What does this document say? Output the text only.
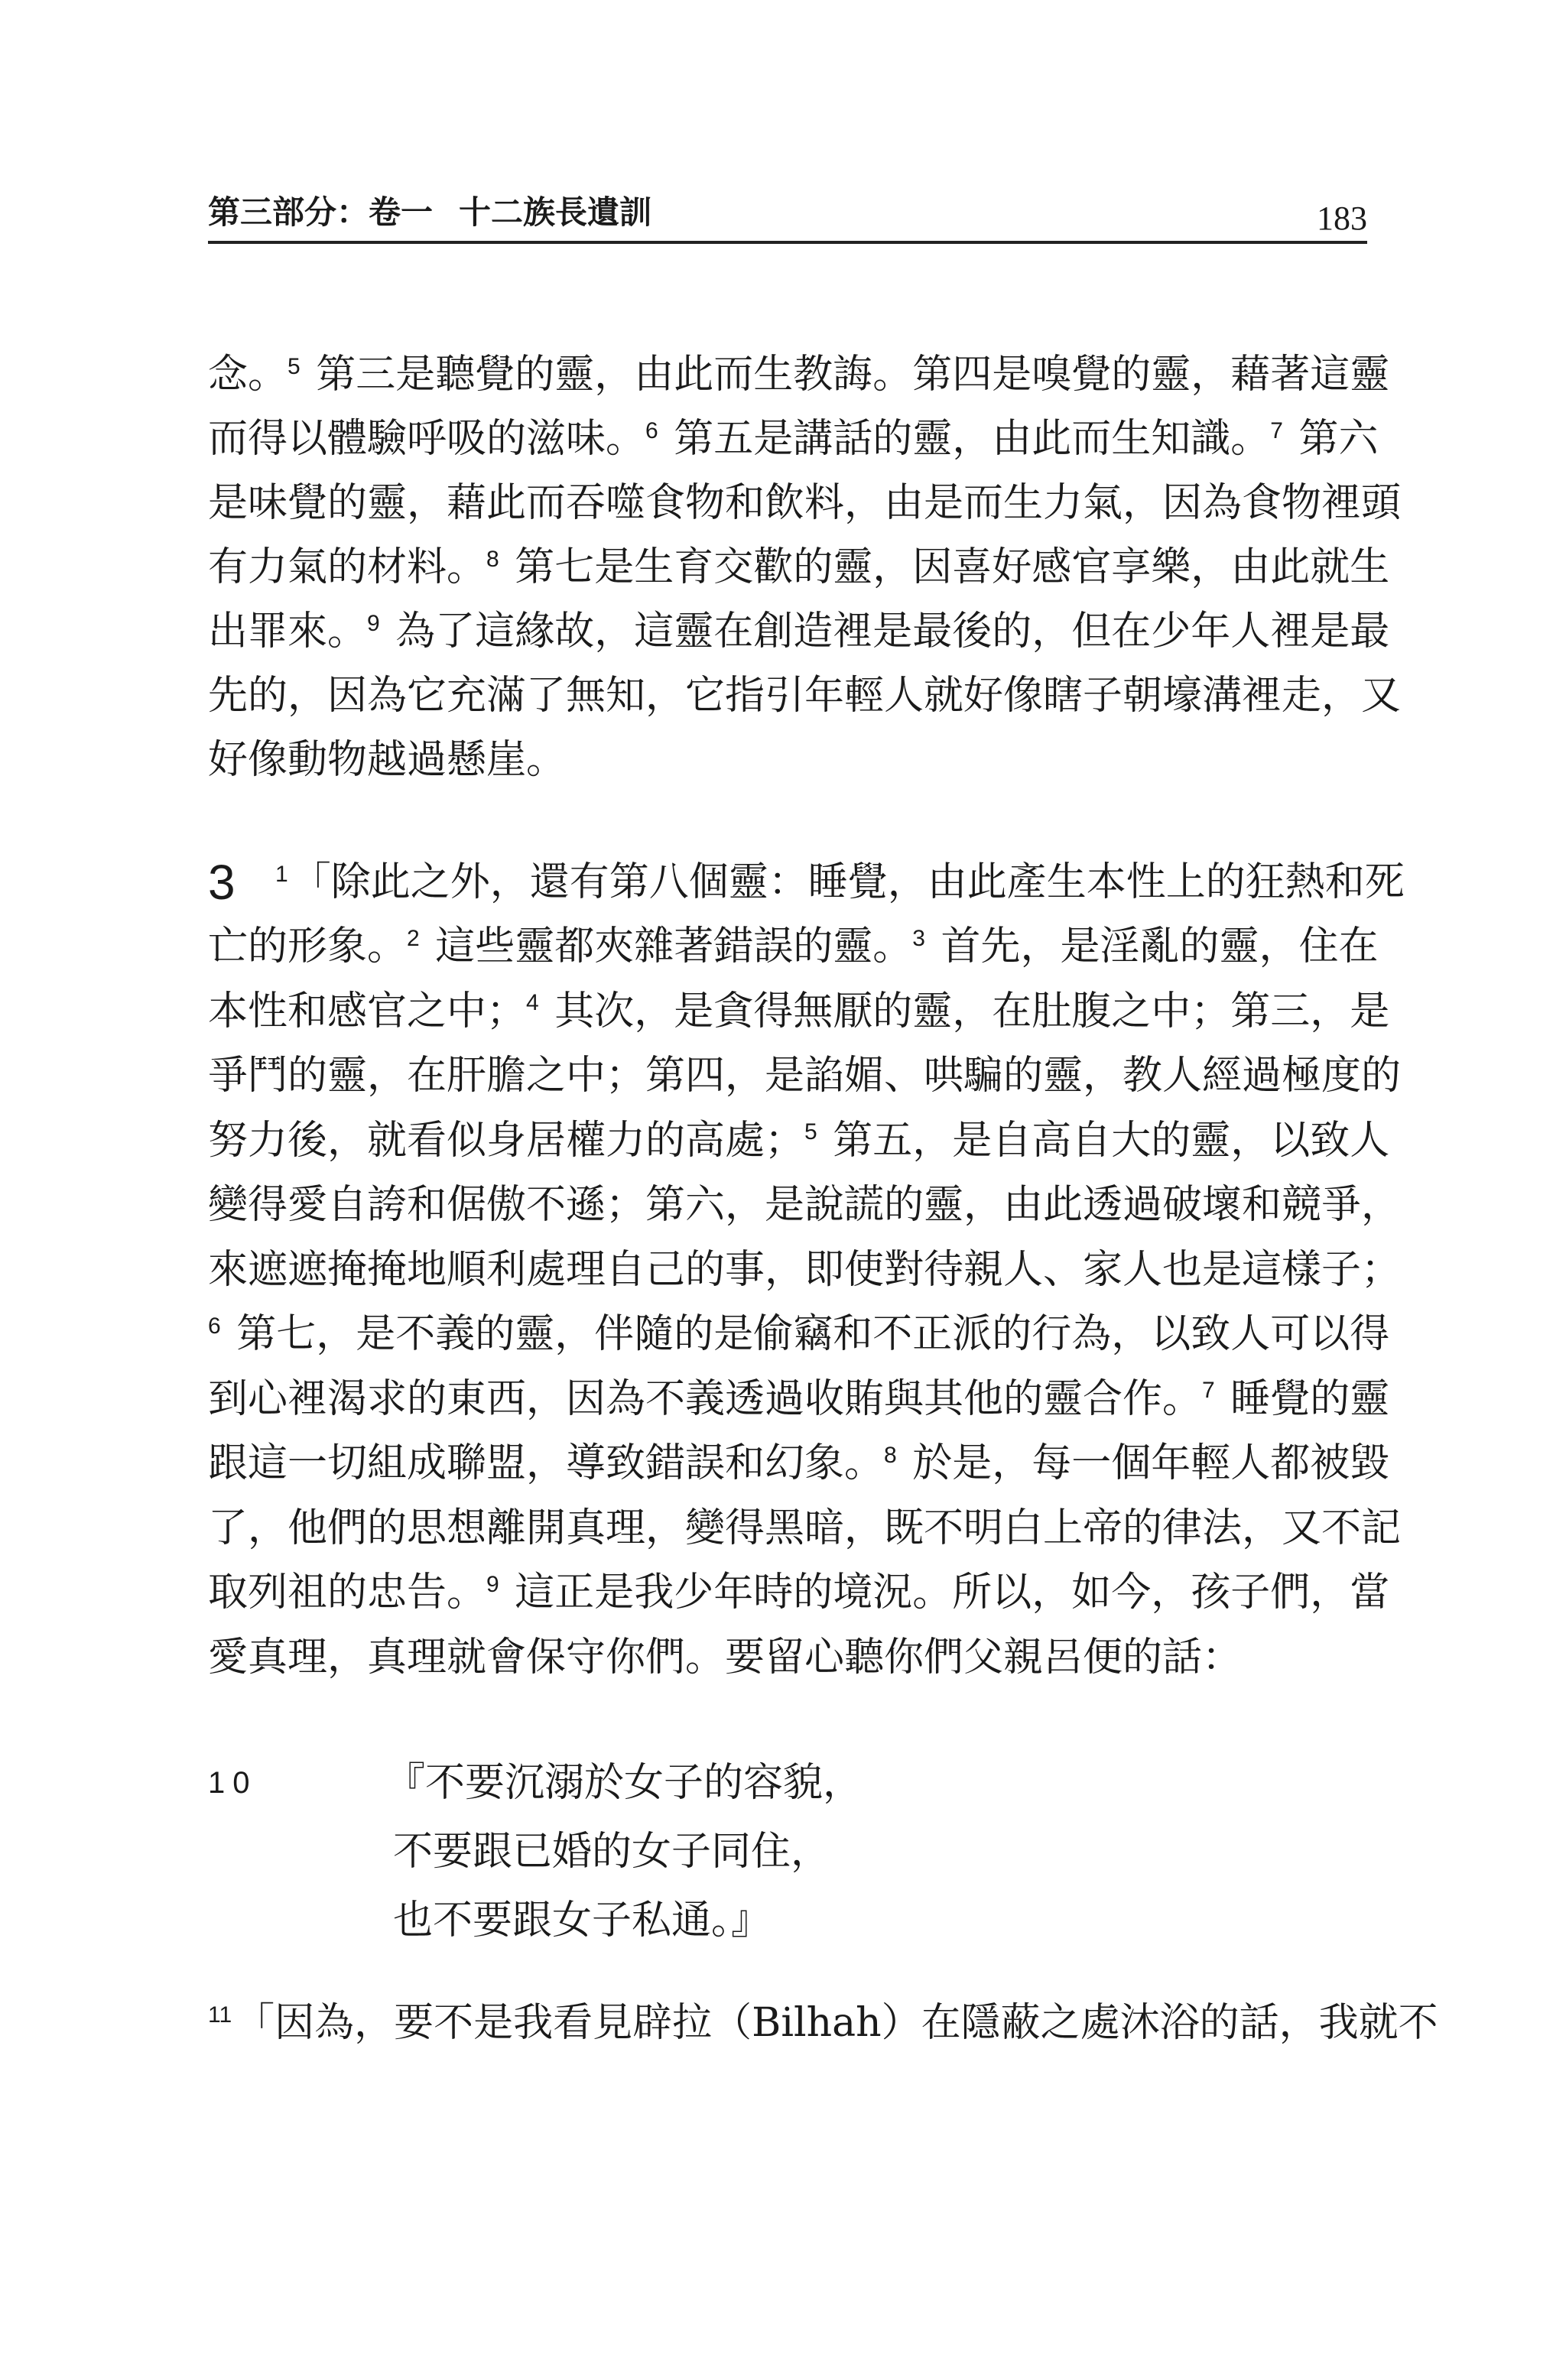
第三部分：卷一 十二族長遺訓	183
念。$^5$ 第三是聽覺的靈，由此而生教誨。第四是嗅覺的靈，藉著這靈
而得以體驗呼吸的滋味。$^6$ 第五是講話的靈，由此而生知識。$^7$ 第六
是味覺的靈，藉此而吞噬食物和飲料，由是而生力氣，因為食物裡頭
有力氣的材料。$^8$ 第七是生育交歡的靈，因喜好感官享樂，由此就生
出罪來。$^9$ 為了這緣故，這靈在創造裡是最後的，但在少年人裡是最
先的，因為它充滿了無知，它指引年輕人就好像瞎子朝壕溝裡走，又
好像動物越過懸崖。
3	$^1$「除此之外，還有第八個靈：睡覺，由此產生本性上的狂熱和死
亡的形象。$^2$ 這些靈都夾雜著錯誤的靈。$^3$ 首先，是淫亂的靈，住在
本性和感官之中；$^4$ 其次，是貪得無厭的靈，在肚腹之中；第三，是
爭鬥的靈，在肝膽之中；第四，是諂媚、哄騙的靈，教人經過極度的
努力後，就看似身居權力的高處；$^5$ 第五，是自高自大的靈，以致人
變得愛自誇和倨傲不遜；第六，是說謊的靈，由此透過破壞和競爭，
來遮遮掩掩地順利處理自己的事，即使對待親人、家人也是這樣子；
$^6$ 第七，是不義的靈，伴隨的是偷竊和不正派的行為，以致人可以得
到心裡渴求的東西，因為不義透過收賄與其他的靈合作。$^7$ 睡覺的靈
跟這一切組成聯盟，導致錯誤和幻象。$^8$ 於是，每一個年輕人都被毀
了，他們的思想離開真理，變得黑暗，既不明白上帝的律法，又不記
取列祖的忠告。$^9$ 這正是我少年時的境況。所以，如今，孩子們，當
愛真理，真理就會保守你們。要留心聽你們父親呂便的話：
10	『不要沉溺於女子的容貌，
不要跟已婚的女子同住，
也不要跟女子私通。』
$^{11}$「因為，要不是我看見辟拉（Bilhah）在隱蔽之處沐浴的話，我就不
